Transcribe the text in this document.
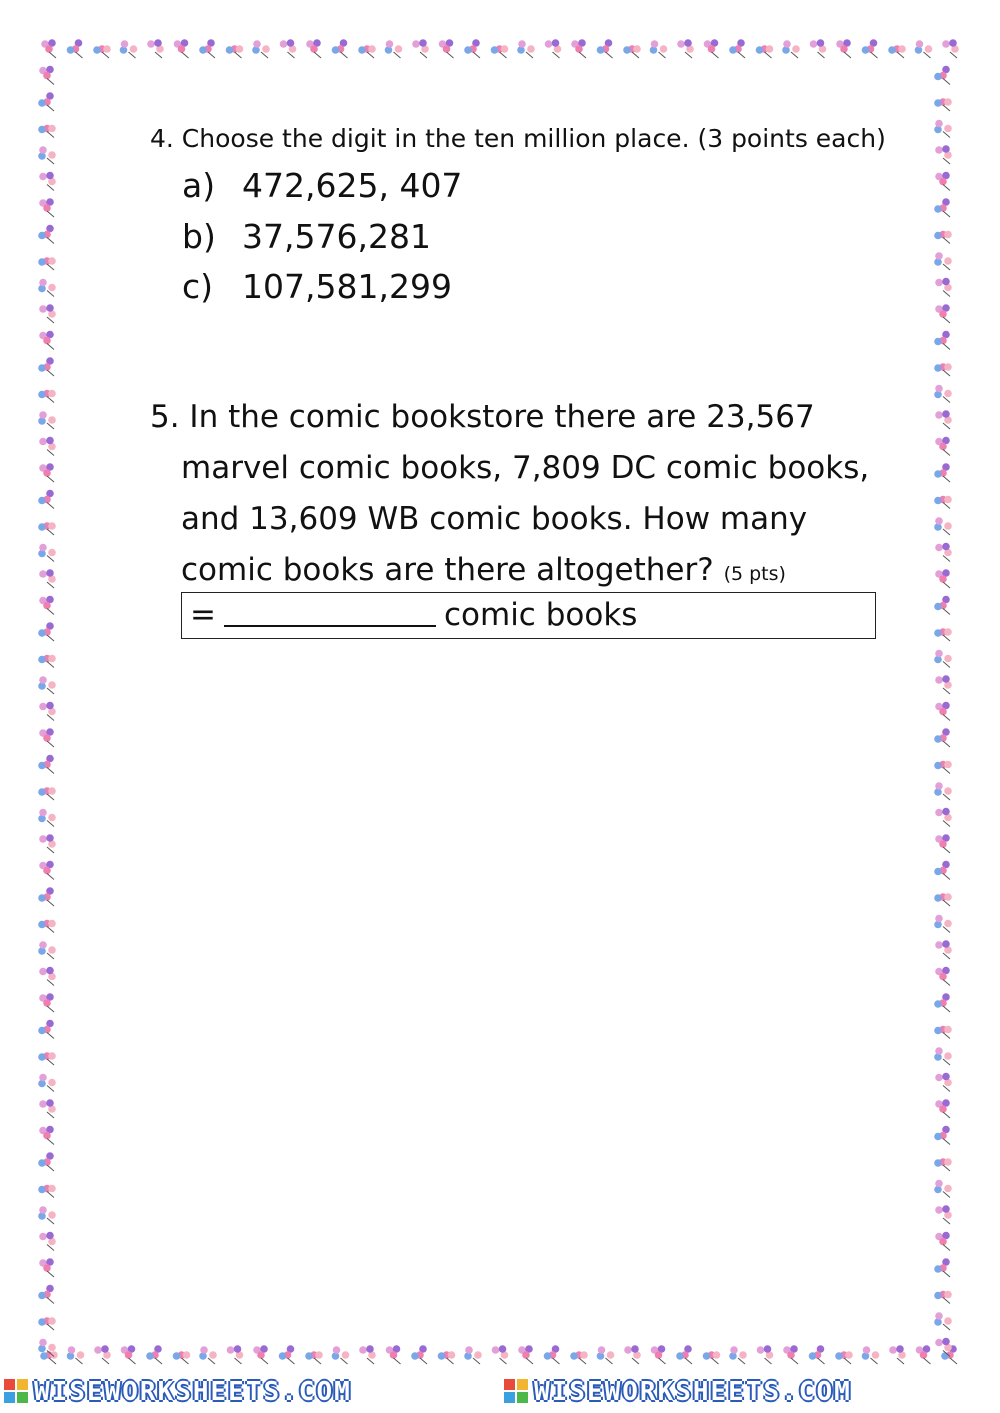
4. Choose the digit in the ten million place. (3 points each)
a) 472,625, 407
b) 37,576,281
c) 107,581,299
5. In the comic bookstore there are 23,567
marvel comic books, 7,809 DC comic books,
and 13,609 WB comic books. How many
comic books are there altogether? (5 pts)
=	comic books
WISEWORKSHEETS.COM	WISEWORKSHEETS.COM
